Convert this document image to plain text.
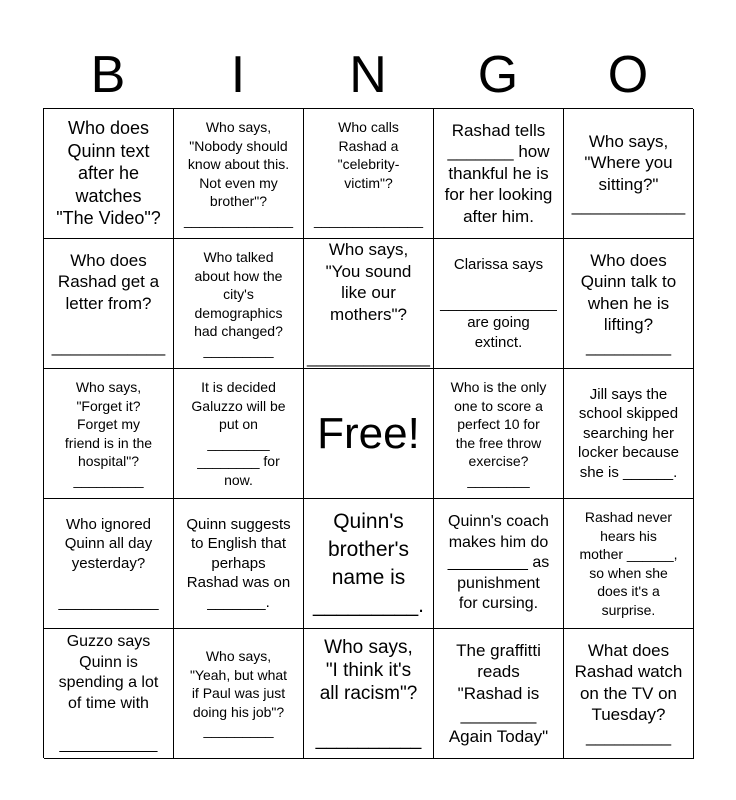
B	I	N	G	O
Who does
Quinn text
after he
watches
"The Video"?
Who says,
"Nobody should
know about this.
Not even my
brother"?
______________
Who calls
Rashad a
"celebrity-
victim"?

______________
Rashad tells
_______ how
thankful he is
for her looking
after him.
Who says,
"Where you
sitting?"
____________
Who does
Rashad get a
letter from?

____________
Who talked
about how the
city's
demographics
had changed?
_________
Who says,
"You sound
like our
mothers"?

_____________
Clarissa says

______________
are going
extinct.
Who does
Quinn talk to
when he is
lifting?
_________
Who says,
"Forget it?
Forget my
friend is in the
hospital"?
_________
It is decided
Galuzzo will be
put on
________
________ for
now.
Free!
Who is the only
one to score a
perfect 10 for
the free throw
exercise?
________
Jill says the
school skipped
searching her
locker because
she is ______.
Who ignored
Quinn all day
yesterday?

____________
Quinn suggests
to English that
perhaps
Rashad was on
_______.
Quinn's
brother's
name is
_________.
Quinn's coach
makes him do
_________ as
punishment
for cursing.
Rashad never
hears his
mother ______,
so when she
does it's a
surprise.
Guzzo says
Quinn is
spending a lot
of time with

___________
Who says,
"Yeah, but what
if Paul was just
doing his job"?
_________
Who says,
"I think it's
all racism"?

__________
The graffitti
reads
"Rashad is
________
Again Today"
What does
Rashad watch
on the TV on
Tuesday?
_________
